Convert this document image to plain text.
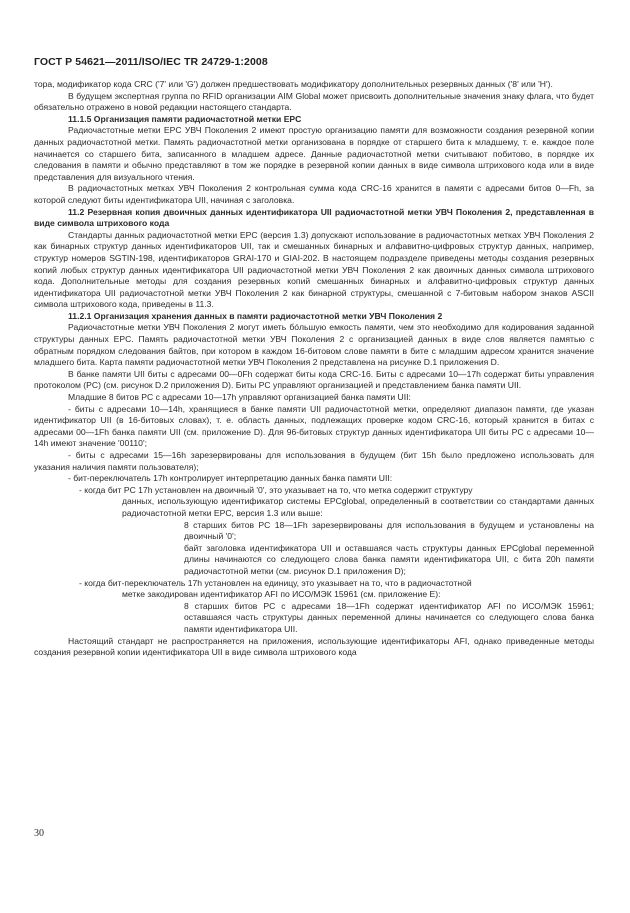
ГОСТ Р 54621—2011/ISO/IEC TR 24729-1:2008

тора, модификатор кода CRC ('7' или 'G') должен предшествовать модификатору дополнительных резервных данных ('8' или 'H').

В будущем экспертная группа по RFID организации AIM Global может присвоить дополнительные значения знаку флага, что будет обязательно отражено в новой редакции настоящего стандарта.

11.1.5 Организация памяти радиочастотной метки EPC

Радиочастотные метки EPC УВЧ Поколения 2 имеют простую организацию памяти для возможности создания резервной копии данных радиочастотной метки. Память радиочастотной метки организована в порядке от старшего бита к младшему, т. е. каждое поле начинается со старшего бита, записанного в младшем адресе. Данные радиочастотной метки считывают побитово, в порядке их следования в памяти и обычно представляют в том же порядке в резервной копии данных в виде символа штрихового кода или в виде представления для визуального чтения.

В радиочастотных метках УВЧ Поколения 2 контрольная сумма кода CRC-16 хранится в памяти с адресами битов 0—Fh, за которой следуют биты идентификатора UII, начиная с заголовка.

11.2 Резервная копия двоичных данных идентификатора UII радиочастотной метки УВЧ Поколения 2, представленная в виде символа штрихового кода

Стандарты данных радиочастотной метки EPC (версия 1.3) допускают использование в радиочастотных метках УВЧ Поколения 2 как бинарных структур данных идентификаторов UII, так и смешанных бинарных и алфавитно-цифровых структур данных, например, структур номеров SGTIN-198, идентификаторов GRAI-170 и GIAI-202. В настоящем подразделе приведены методы создания резервных копий любых структур данных идентификатора UII радиочастотной метки УВЧ Поколения 2 как двоичных данных символа штрихового кода. Дополнительные методы для создания резервных копий смешанных бинарных и алфавитно-цифровых структур данных идентификатора UII радиочастотной метки УВЧ Поколения 2 как бинарной структуры, смешанной с 7-битовым набором знаков ASCII символа штрихового кода, приведены в 11.3.

11.2.1 Организация хранения данных в памяти радиочастотной метки УВЧ Поколения 2

Радиочастотные метки УВЧ Поколения 2 могут иметь бóльшую емкость памяти, чем это необходимо для кодирования заданной структуры данных EPC. Память радиочастотной метки УВЧ Поколения 2 с организацией данных в виде слов является памятью с обратным порядком следования байтов, при котором в каждом 16-битовом слове памяти в бите с младшим адресом хранится значение младшего бита. Карта памяти радиочастотной метки УВЧ Поколения 2 представлена на рисунке D.1 приложения D.

В банке памяти UII биты с адресами 00—0Fh содержат биты кода CRC-16. Биты с адресами 10—17h содержат биты управления протоколом (PC) (см. рисунок D.2 приложения D). Биты PC управляют организацией и представлением банка памяти UII.

Младшие 8 битов PC с адресами 10—17h управляют организацией банка памяти UII:

- биты с адресами 10—14h, хранящиеся в банке памяти UII радиочастотной метки, определяют диапазон памяти, где указан идентификатор UII (в 16-битовых словах), т. е. область данных, подлежащих проверке кодом CRC-16, который хранится в битах с адресами 00—1Fh банка памяти UII (см. приложение D). Для 96-битовых структур данных идентификатора UII биты PC с адресами 10—14h имеют значение '00110';

- биты с адресами 15—16h зарезервированы для использования в будущем (бит 15h было предложено использовать для указания наличия памяти пользователя);

- бит-переключатель 17h контролирует интерпретацию данных банка памяти UII:

- когда бит PC 17h установлен на двоичный '0', это указывает на то, что метка содержит структуру

данных, использующую идентификатор системы EPCglobal, определенный в соответствии со стандартами данных радиочастотной метки EPC, версия 1.3 или выше:

8 старших битов PC 18—1Fh зарезервированы для использования в будущем и установлены на двоичный '0';

байт заголовка идентификатора UII и оставшаяся часть структуры данных EPCglobal переменной длины начинаются со следующего слова банка памяти идентификатора UII, с бита 20h памяти радиочастотной метки (см. рисунок D.1 приложения D);

- когда бит-переключатель 17h установлен на единицу, это указывает на то, что в радиочастотной

метке закодирован идентификатор AFI по ИСО/МЭК 15961 (см. приложение Е):

8 старших битов PC с адресами 18—1Fh содержат идентификатор AFI по ИСО/МЭК 15961; оставшаяся часть структуры данных переменной длины начинается со следующего слова банка памяти идентификатора UII.

Настоящий стандарт не распространяется на приложения, использующие идентификаторы AFI, однако приведенные методы создания резервной копии идентификатора UII в виде символа штрихового кода

30
